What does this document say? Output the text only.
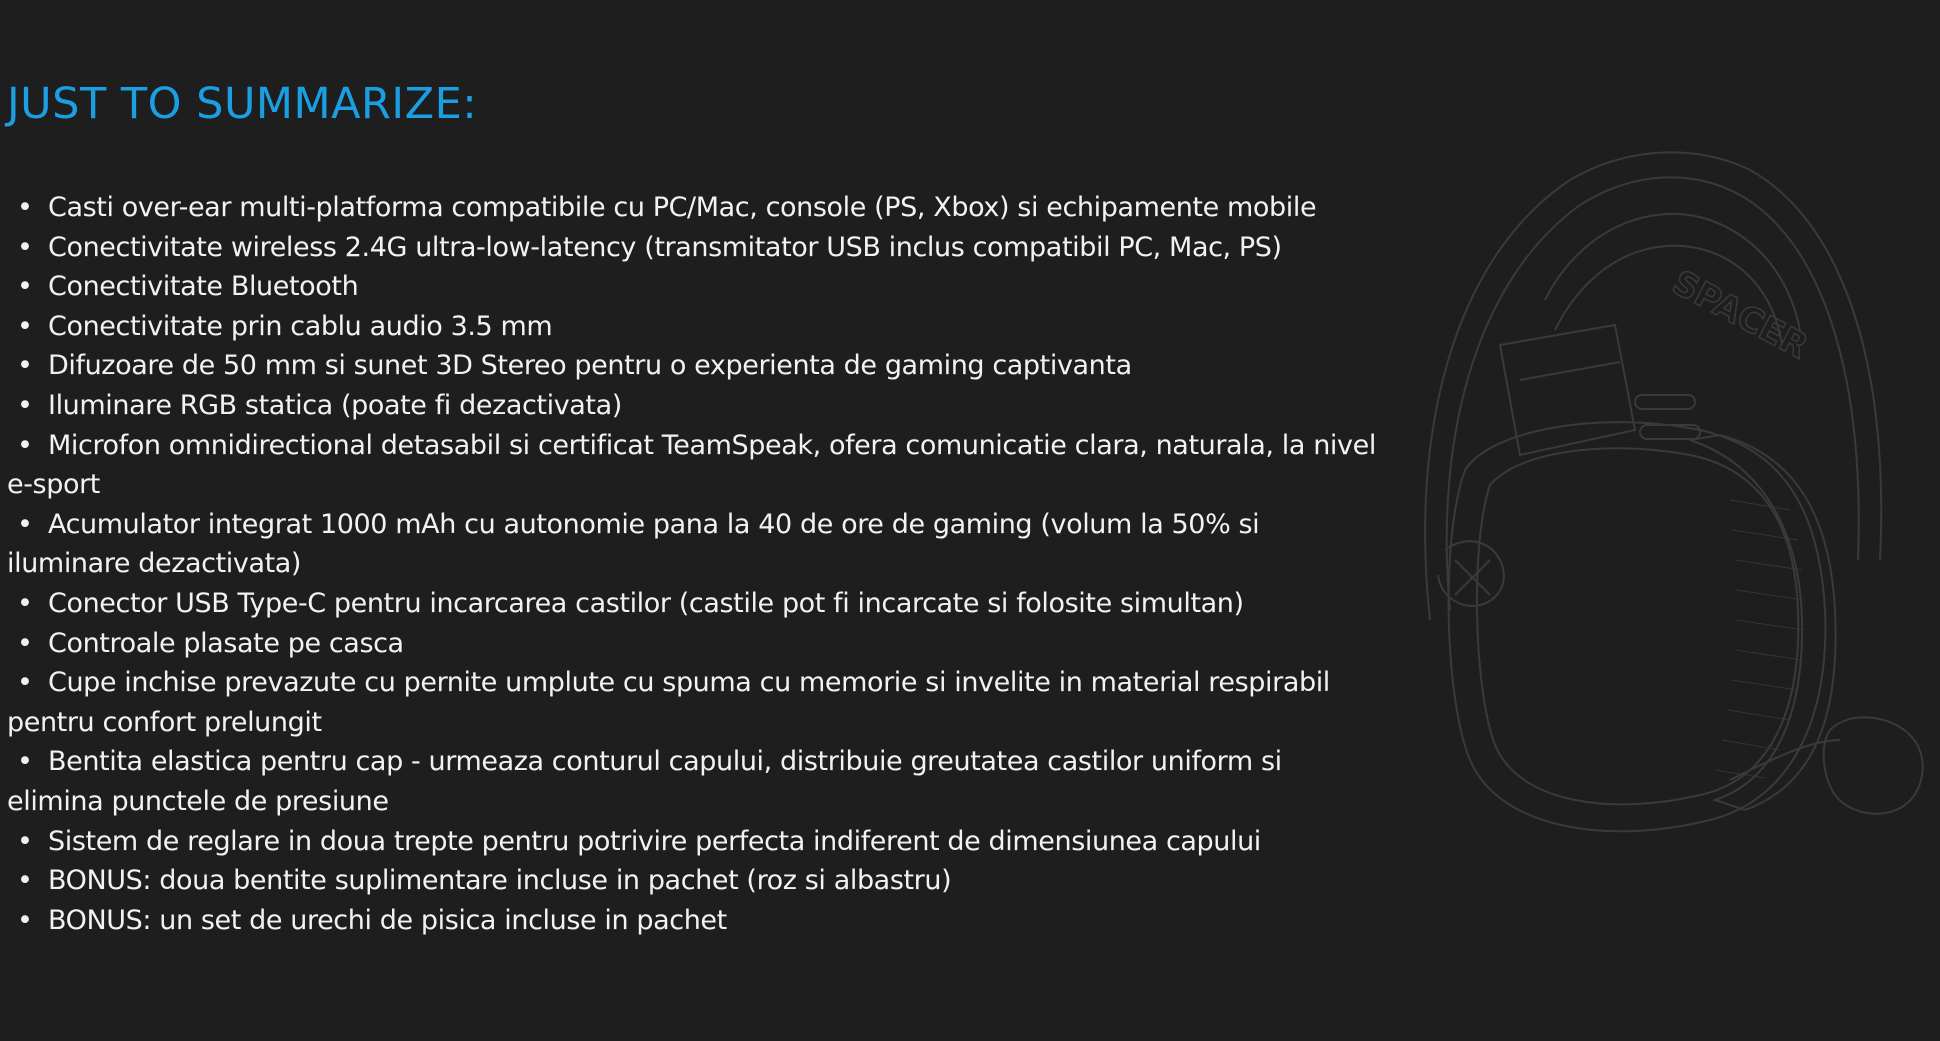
JUST TO SUMMARIZE:
• Casti over-ear multi-platforma compatibile cu PC/Mac, console (PS, Xbox) si echipamente mobile
• Conectivitate wireless 2.4G ultra-low-latency (transmitator USB inclus compatibil PC, Mac, PS)
• Conectivitate Bluetooth
• Conectivitate prin cablu audio 3.5 mm
• Difuzoare de 50 mm si sunet 3D Stereo pentru o experienta de gaming captivanta
• Iluminare RGB statica (poate fi dezactivata)
• Microfon omnidirectional detasabil si certificat TeamSpeak, ofera comunicatie clara, naturala, la nivel e-sport
• Acumulator integrat 1000 mAh cu autonomie pana la 40 de ore de gaming (volum la 50% si iluminare dezactivata)
• Conector USB Type-C pentru incarcarea castilor (castile pot fi incarcate si folosite simultan)
• Controale plasate pe casca
• Cupe inchise prevazute cu pernite umplute cu spuma cu memorie si invelite in material respirabil pentru confort prelungit
• Bentita elastica pentru cap - urmeaza conturul capului, distribuie greutatea castilor uniform si elimina punctele de presiune
• Sistem de reglare in doua trepte pentru potrivire perfecta indiferent de dimensiunea capului
• BONUS: doua bentite suplimentare incluse in pachet (roz si albastru)
• BONUS: un set de urechi de pisica incluse in pachet
SPACER
